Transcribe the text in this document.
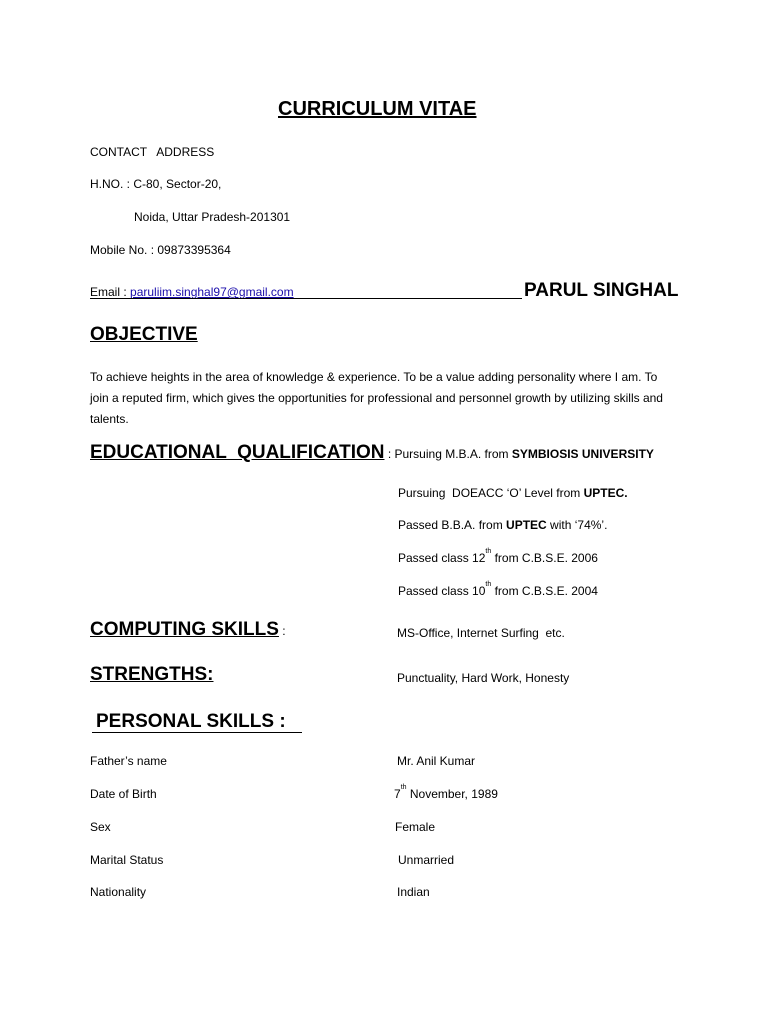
CURRICULUM VITAE
CONTACT   ADDRESS
H.NO. : C-80, Sector-20,
Noida, Uttar Pradesh-201301
Mobile No. : 09873395364
Email : paruliim.singhal97@gmail.com	PARUL SINGHAL
OBJECTIVE
To achieve heights in the area of knowledge & experience. To be a value adding personality where I am. To join a reputed firm, which gives the opportunities for professional and personnel growth by utilizing skills and talents.
EDUCATIONAL  QUALIFICATION : Pursuing M.B.A. from SYMBIOSIS UNIVERSITY
Pursuing  DOEACC ‘O’ Level from UPTEC.
Passed B.B.A. from UPTEC with ‘74%’.
Passed class 12th from C.B.S.E. 2006
Passed class 10th from C.B.S.E. 2004
COMPUTING SKILLS :	MS-Office, Internet Surfing  etc.
STRENGTHS:	Punctuality, Hard Work, Honesty
PERSONAL SKILLS :
Father’s name	Mr. Anil Kumar
Date of Birth	7th November, 1989
Sex	Female
Marital Status	Unmarried
Nationality	Indian
